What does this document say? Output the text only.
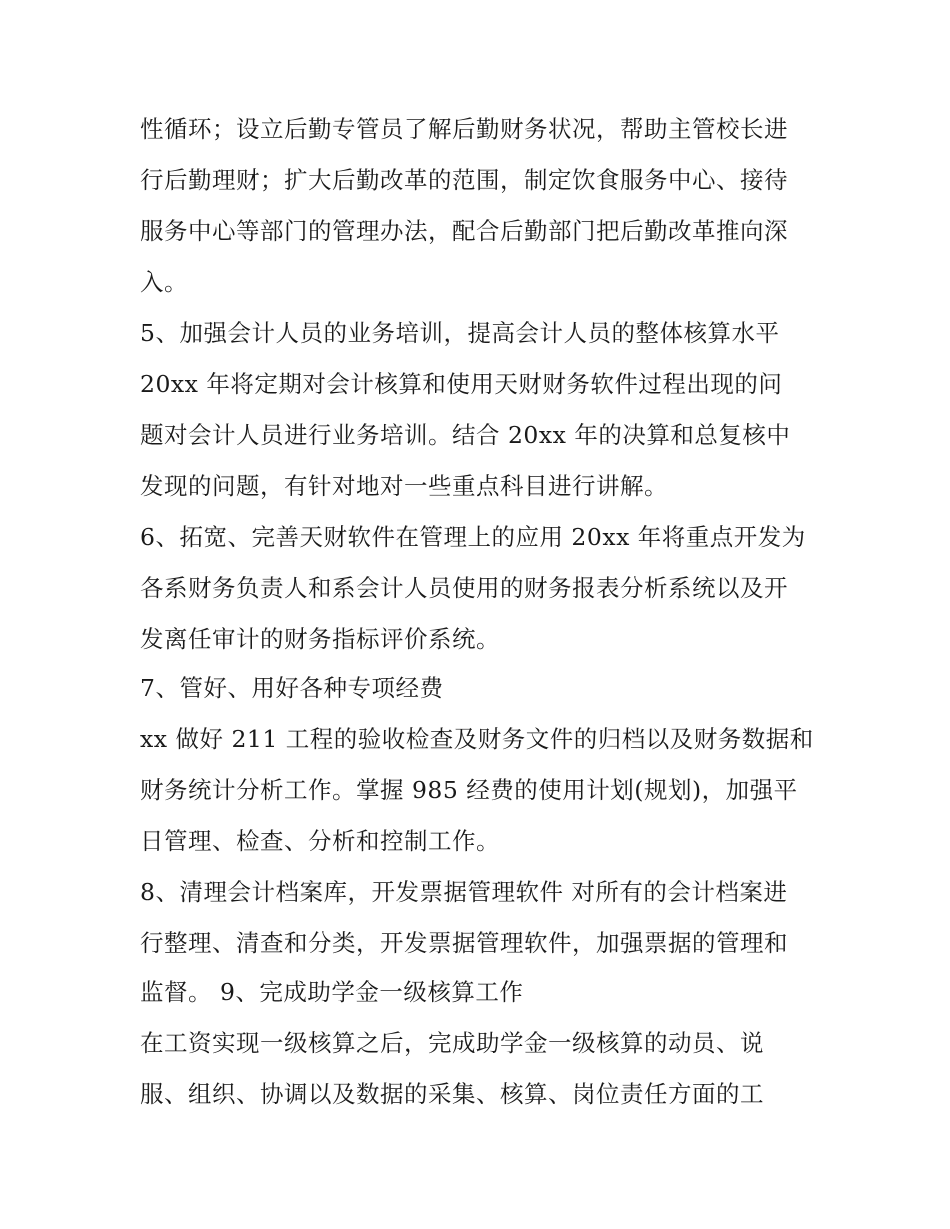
性循环；设立后勤专管员了解后勤财务状况，帮助主管校长进
行后勤理财；扩大后勤改革的范围，制定饮食服务中心、接待
服务中心等部门的管理办法，配合后勤部门把后勤改革推向深
入。
5、加强会计人员的业务培训，提高会计人员的整体核算水平
20xx 年将定期对会计核算和使用天财财务软件过程出现的问
题对会计人员进行业务培训。结合 20xx 年的决算和总复核中
发现的问题，有针对地对一些重点科目进行讲解。
6、拓宽、完善天财软件在管理上的应用 20xx 年将重点开发为
各系财务负责人和系会计人员使用的财务报表分析系统以及开
发离任审计的财务指标评价系统。
7、管好、用好各种专项经费
xx 做好 211 工程的验收检查及财务文件的归档以及财务数据和
财务统计分析工作。掌握 985 经费的使用计划(规划)，加强平
日管理、检查、分析和控制工作。
8、清理会计档案库，开发票据管理软件 对所有的会计档案进
行整理、清查和分类，开发票据管理软件，加强票据的管理和
监督。 9、完成助学金一级核算工作
在工资实现一级核算之后，完成助学金一级核算的动员、说
服、组织、协调以及数据的采集、核算、岗位责任方面的工
